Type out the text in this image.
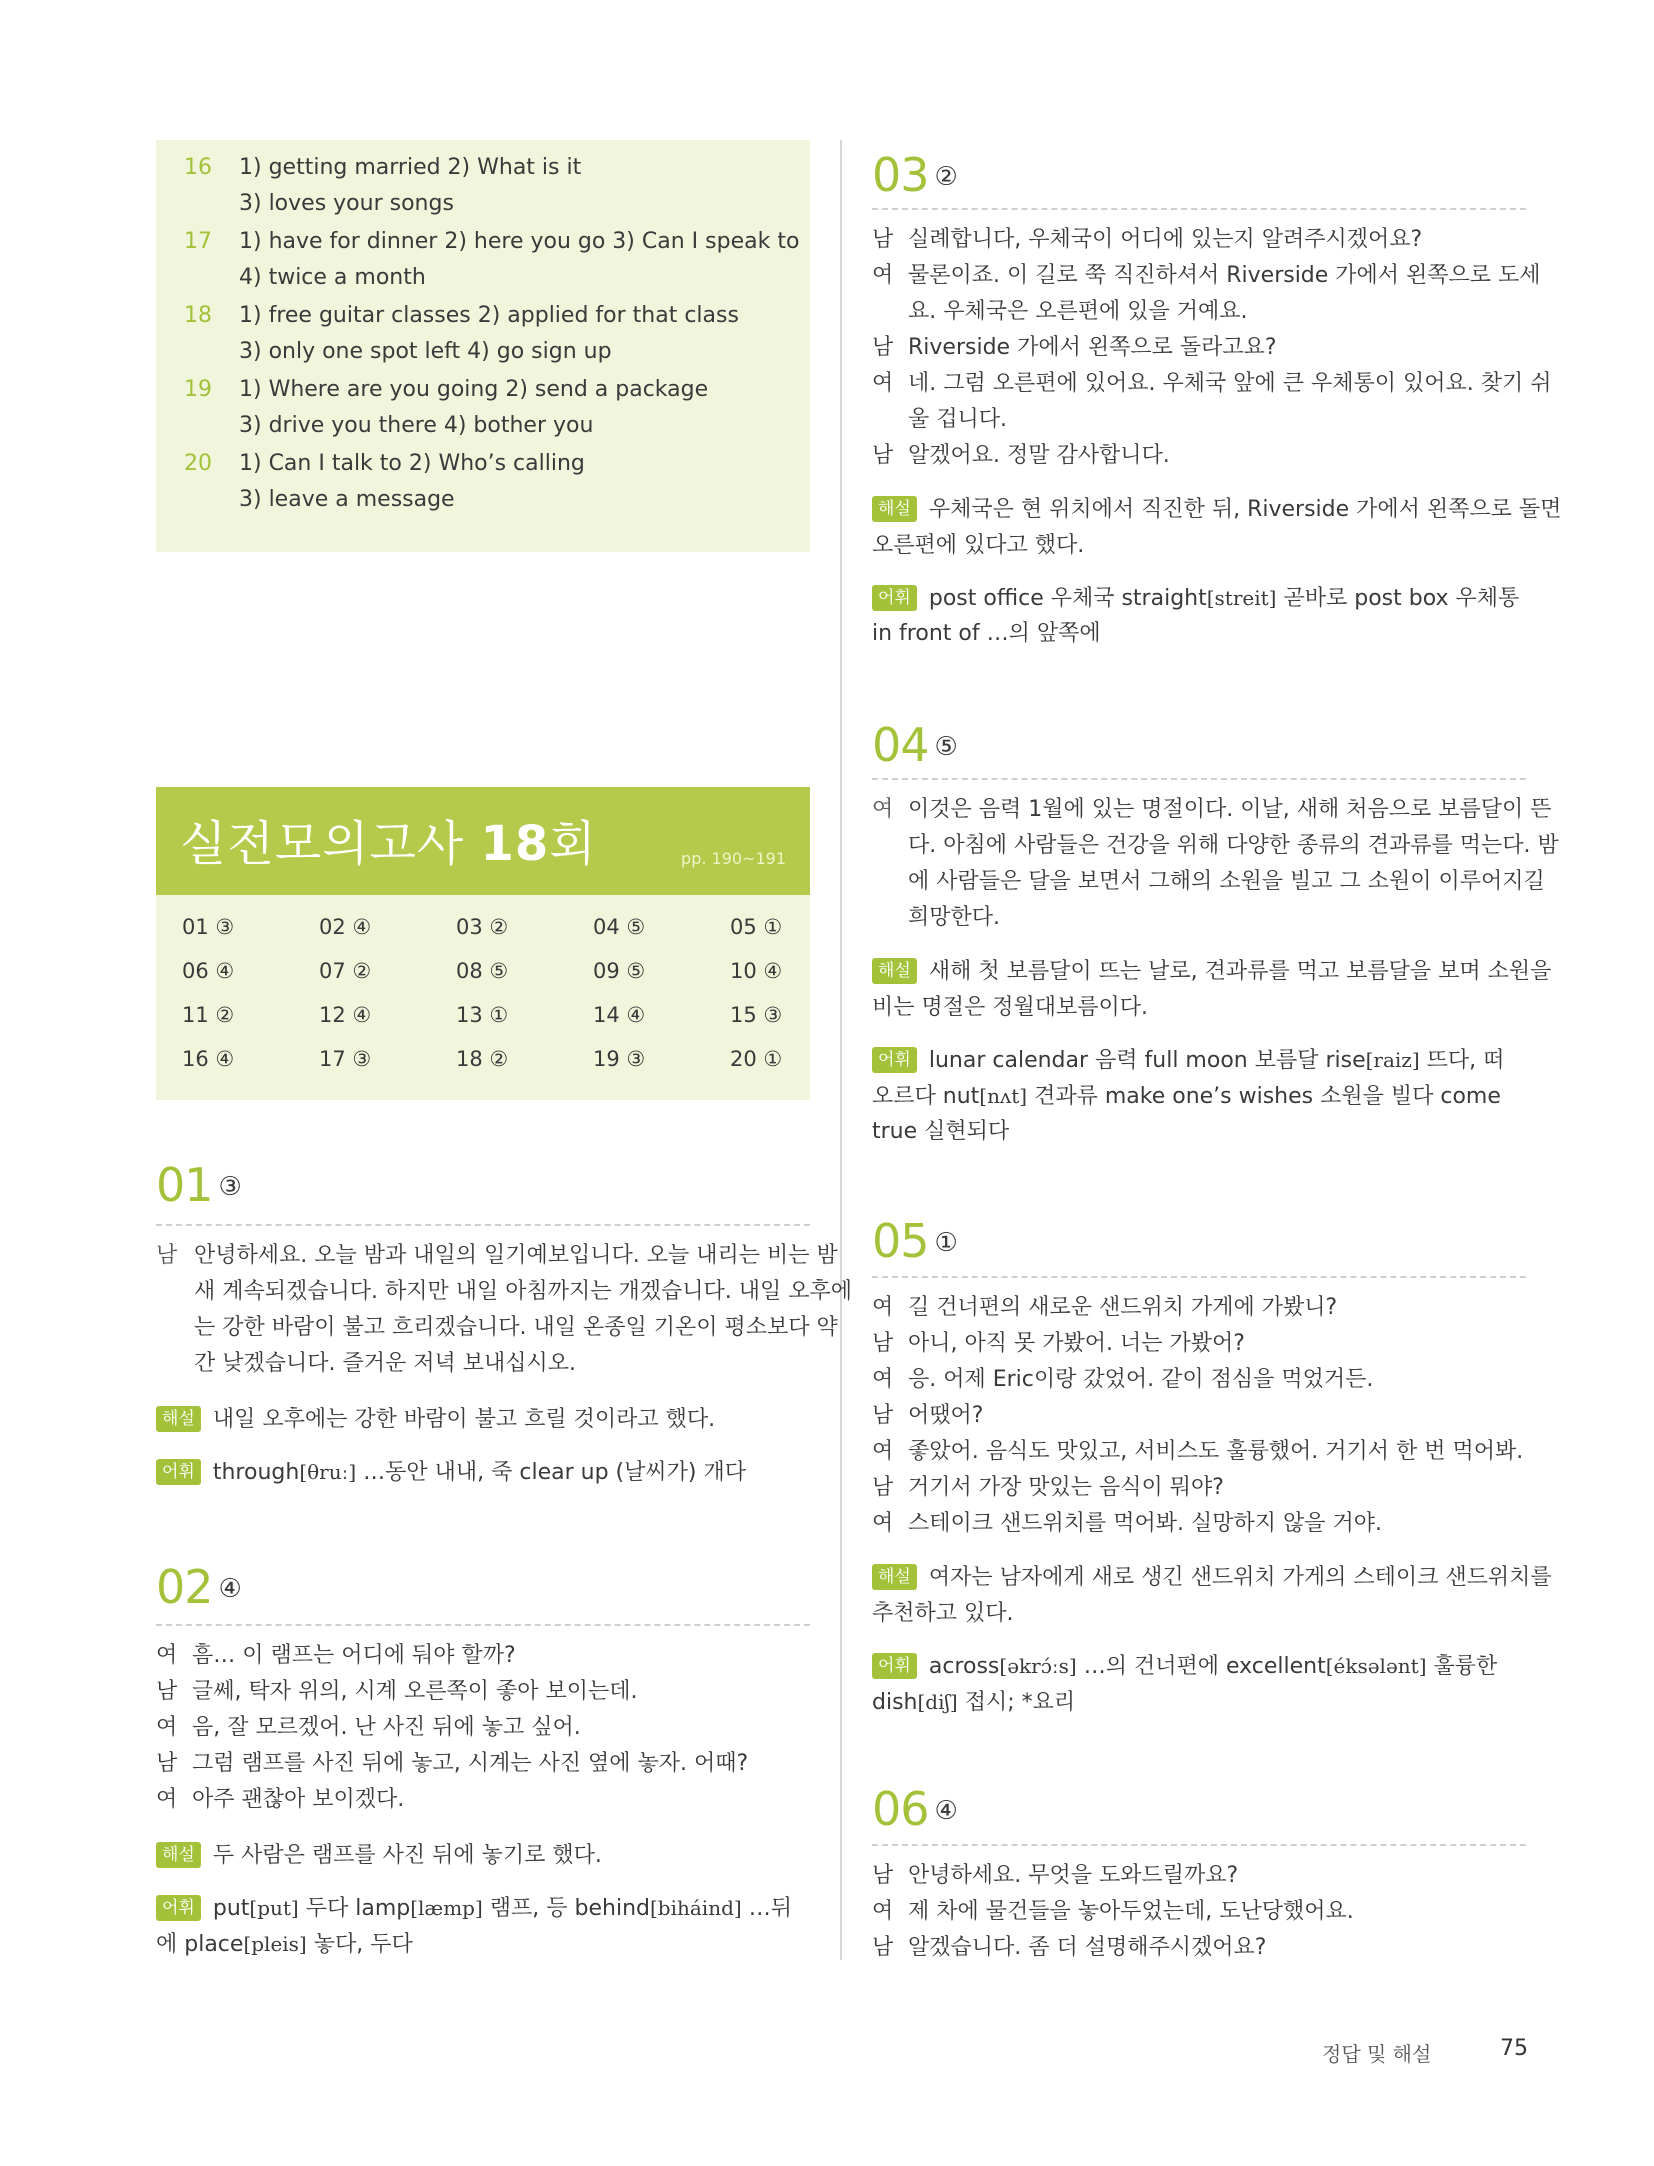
16 1) getting married 2) What is it
3) loves your songs
17 1) have for dinner 2) here you go 3) Can I speak to
4) twice a month
18 1) free guitar classes 2) applied for that class
3) only one spot left 4) go sign up
19 1) Where are you going 2) send a package
3) drive you there 4) bother you
20 1) Can I talk to 2) Who’s calling
3) leave a message
실전모의고사 18회	pp. 190~191
01 ③	02 ④	03 ②	04 ⑤	05 ①
06 ④	07 ②	08 ⑤	09 ⑤	10 ④
11 ②	12 ④	13 ①	14 ④	15 ③
16 ④	17 ③	18 ②	19 ③	20 ①
01 ③
남 안녕하세요. 오늘 밤과 내일의 일기예보입니다. 오늘 내리는 비는 밤
새 계속되겠습니다. 하지만 내일 아침까지는 개겠습니다. 내일 오후에
는 강한 바람이 불고 흐리겠습니다. 내일 온종일 기온이 평소보다 약
간 낮겠습니다. 즐거운 저녁 보내십시오.
해설 내일 오후에는 강한 바람이 불고 흐릴 것이라고 했다.
어휘 through[θruː] …동안 내내, 죽 clear up (날씨가) 개다
02 ④
여 흠… 이 램프는 어디에 둬야 할까?
남 글쎄, 탁자 위의, 시계 오른쪽이 좋아 보이는데.
여 음, 잘 모르겠어. 난 사진 뒤에 놓고 싶어.
남 그럼 램프를 사진 뒤에 놓고, 시계는 사진 옆에 놓자. 어때?
여 아주 괜찮아 보이겠다.
해설 두 사람은 램프를 사진 뒤에 놓기로 했다.
어휘 put[put] 두다 lamp[læmp] 램프, 등 behind[biháind] …뒤
에 place[pleis] 놓다, 두다
03 ②
남 실례합니다, 우체국이 어디에 있는지 알려주시겠어요?
여 물론이죠. 이 길로 쭉 직진하셔서 Riverside 가에서 왼쪽으로 도세
요. 우체국은 오른편에 있을 거예요.
남 Riverside 가에서 왼쪽으로 돌라고요?
여 네. 그럼 오른편에 있어요. 우체국 앞에 큰 우체통이 있어요. 찾기 쉬
울 겁니다.
남 알겠어요. 정말 감사합니다.
해설 우체국은 현 위치에서 직진한 뒤, Riverside 가에서 왼쪽으로 돌면
오른편에 있다고 했다.
어휘 post office 우체국 straight[streit] 곧바로 post box 우체통
in front of …의 앞쪽에
04 ⑤
여 이것은 음력 1월에 있는 명절이다. 이날, 새해 처음으로 보름달이 뜬
다. 아침에 사람들은 건강을 위해 다양한 종류의 견과류를 먹는다. 밤
에 사람들은 달을 보면서 그해의 소원을 빌고 그 소원이 이루어지길
희망한다.
해설 새해 첫 보름달이 뜨는 날로, 견과류를 먹고 보름달을 보며 소원을
비는 명절은 정월대보름이다.
어휘 lunar calendar 음력 full moon 보름달 rise[raiz] 뜨다, 떠
오르다 nut[nʌt] 견과류 make one’s wishes 소원을 빌다 come
true 실현되다
05 ①
여 길 건너편의 새로운 샌드위치 가게에 가봤니?
남 아니, 아직 못 가봤어. 너는 가봤어?
여 응. 어제 Eric이랑 갔었어. 같이 점심을 먹었거든.
남 어땠어?
여 좋았어. 음식도 맛있고, 서비스도 훌륭했어. 거기서 한 번 먹어봐.
남 거기서 가장 맛있는 음식이 뭐야?
여 스테이크 샌드위치를 먹어봐. 실망하지 않을 거야.
해설 여자는 남자에게 새로 생긴 샌드위치 가게의 스테이크 샌드위치를
추천하고 있다.
어휘 across[əkrɔ́ːs] …의 건너편에 excellent[éksələnt] 훌륭한
dish[diʃ] 접시; *요리
06 ④
남 안녕하세요. 무엇을 도와드릴까요?
여 제 차에 물건들을 놓아두었는데, 도난당했어요.
남 알겠습니다. 좀 더 설명해주시겠어요?
정답 및 해설	75
